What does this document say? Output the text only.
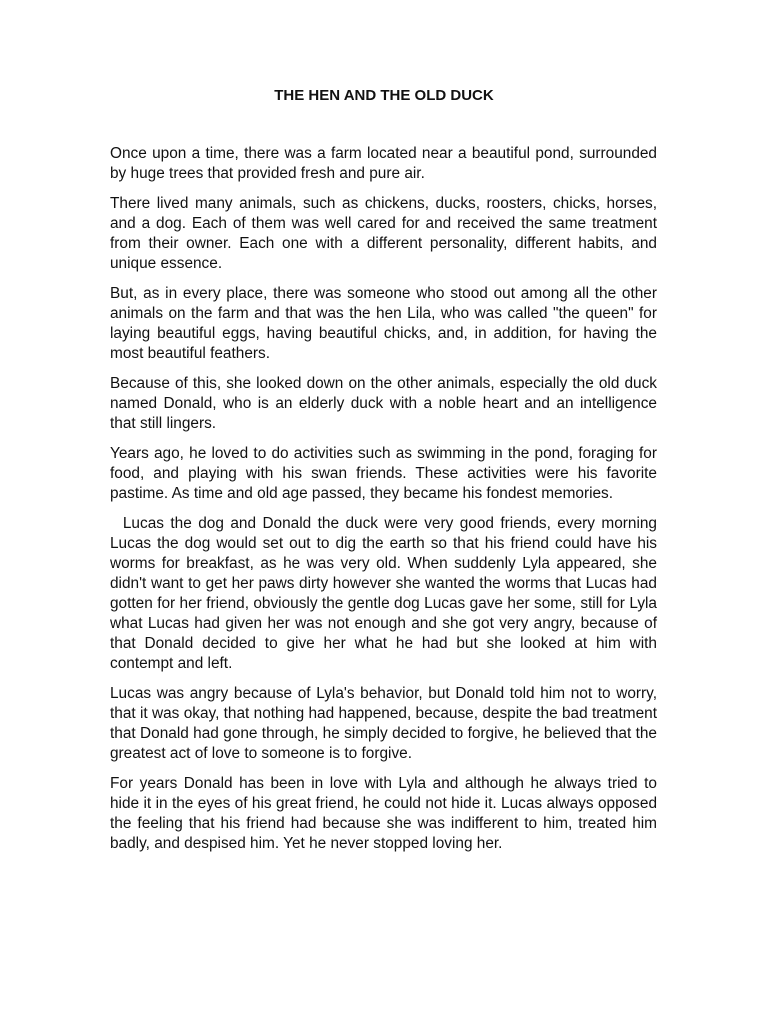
THE HEN AND THE OLD DUCK

Once upon a time, there was a farm located near a beautiful pond, surrounded by huge trees that provided fresh and pure air.

There lived many animals, such as chickens, ducks, roosters, chicks, horses, and a dog. Each of them was well cared for and received the same treatment from their owner. Each one with a different personality, different habits, and unique essence.

But, as in every place, there was someone who stood out among all the other animals on the farm and that was the hen Lila, who was called "the queen" for laying beautiful eggs, having beautiful chicks, and, in addition, for having the most beautiful feathers.

Because of this, she looked down on the other animals, especially the old duck named Donald, who is an elderly duck with a noble heart and an intelligence that still lingers.

Years ago, he loved to do activities such as swimming in the pond, foraging for food, and playing with his swan friends. These activities were his favorite pastime. As time and old age passed, they became his fondest memories.

Lucas the dog and Donald the duck were very good friends, every morning Lucas the dog would set out to dig the earth so that his friend could have his worms for breakfast, as he was very old. When suddenly Lyla appeared, she didn't want to get her paws dirty however she wanted the worms that Lucas had gotten for her friend, obviously the gentle dog Lucas gave her some, still for Lyla what Lucas had given her was not enough and she got very angry, because of that Donald decided to give her what he had but she looked at him with contempt and left.

Lucas was angry because of Lyla's behavior, but Donald told him not to worry, that it was okay, that nothing had happened, because, despite the bad treatment that Donald had gone through, he simply decided to forgive, he believed that the greatest act of love to someone is to forgive.

For years Donald has been in love with Lyla and although he always tried to hide it in the eyes of his great friend, he could not hide it. Lucas always opposed the feeling that his friend had because she was indifferent to him, treated him badly, and despised him. Yet he never stopped loving her.
